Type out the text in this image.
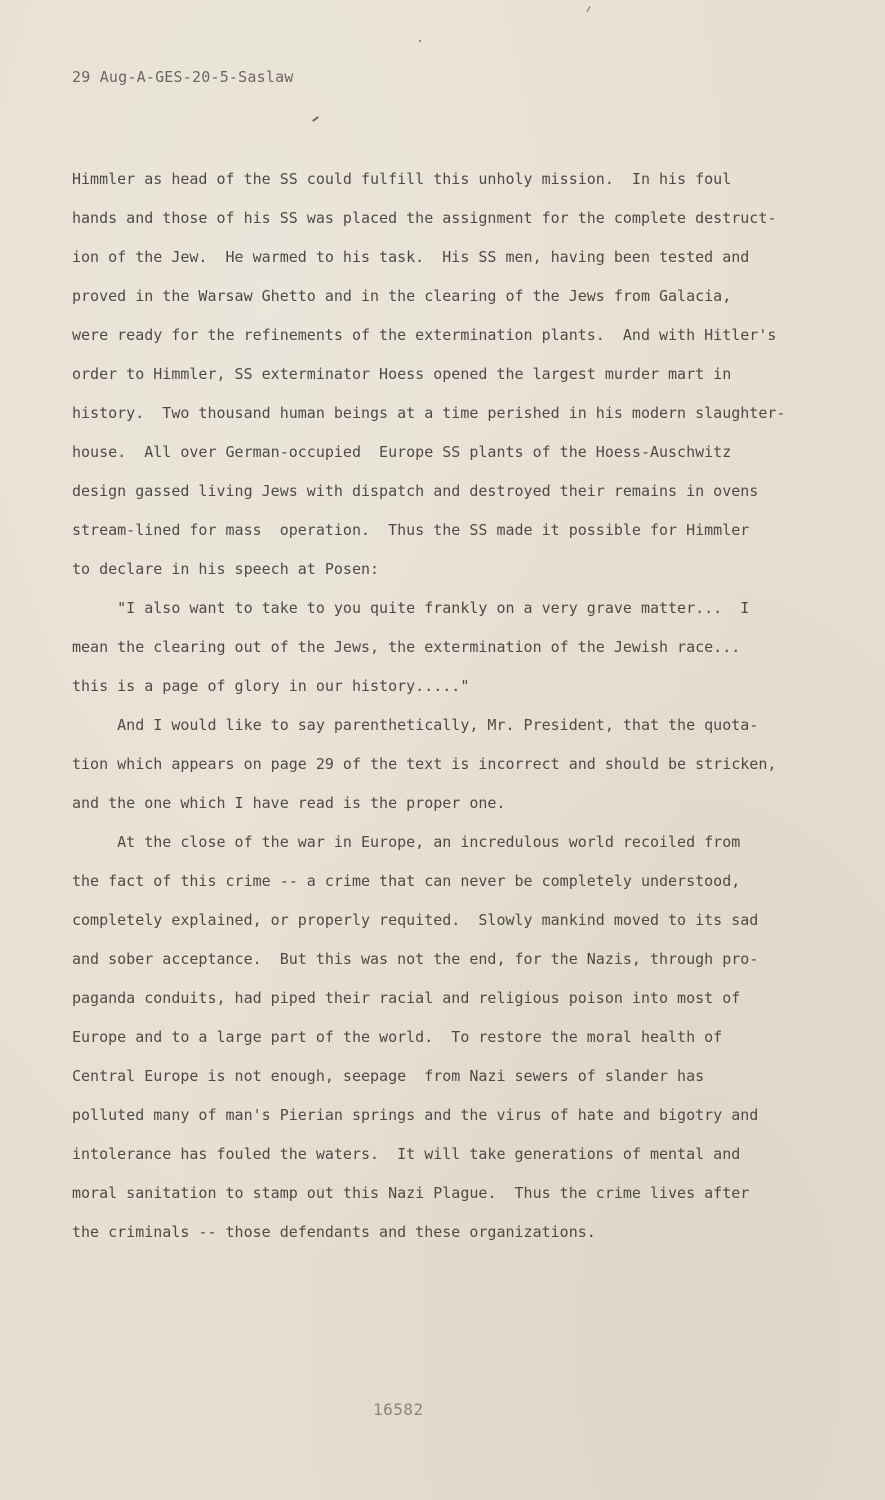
29 Aug-A-GES-20-5-Saslaw
Himmler as head of the SS could fulfill this unholy mission.  In his foul
hands and those of his SS was placed the assignment for the complete destruct-
ion of the Jew.  He warmed to his task.  His SS men, having been tested and
proved in the Warsaw Ghetto and in the clearing of the Jews from Galacia,
were ready for the refinements of the extermination plants.  And with Hitler's
order to Himmler, SS exterminator Hoess opened the largest murder mart in
history.  Two thousand human beings at a time perished in his modern slaughter-
house.  All over German-occupied  Europe SS plants of the Hoess-Auschwitz
design gassed living Jews with dispatch and destroyed their remains in ovens
stream-lined for mass  operation.  Thus the SS made it possible for Himmler
to declare in his speech at Posen:
"I also want to take to you quite frankly on a very grave matter...  I
mean the clearing out of the Jews, the extermination of the Jewish race...
this is a page of glory in our history....."
And I would like to say parenthetically, Mr. President, that the quota-
tion which appears on page 29 of the text is incorrect and should be stricken,
and the one which I have read is the proper one.
At the close of the war in Europe, an incredulous world recoiled from
the fact of this crime -- a crime that can never be completely understood,
completely explained, or properly requited.  Slowly mankind moved to its sad
and sober acceptance.  But this was not the end, for the Nazis, through pro-
paganda conduits, had piped their racial and religious poison into most of
Europe and to a large part of the world.  To restore the moral health of
Central Europe is not enough, seepage  from Nazi sewers of slander has
polluted many of man's Pierian springs and the virus of hate and bigotry and
intolerance has fouled the waters.  It will take generations of mental and
moral sanitation to stamp out this Nazi Plague.  Thus the crime lives after
the criminals -- those defendants and these organizations.
16582
